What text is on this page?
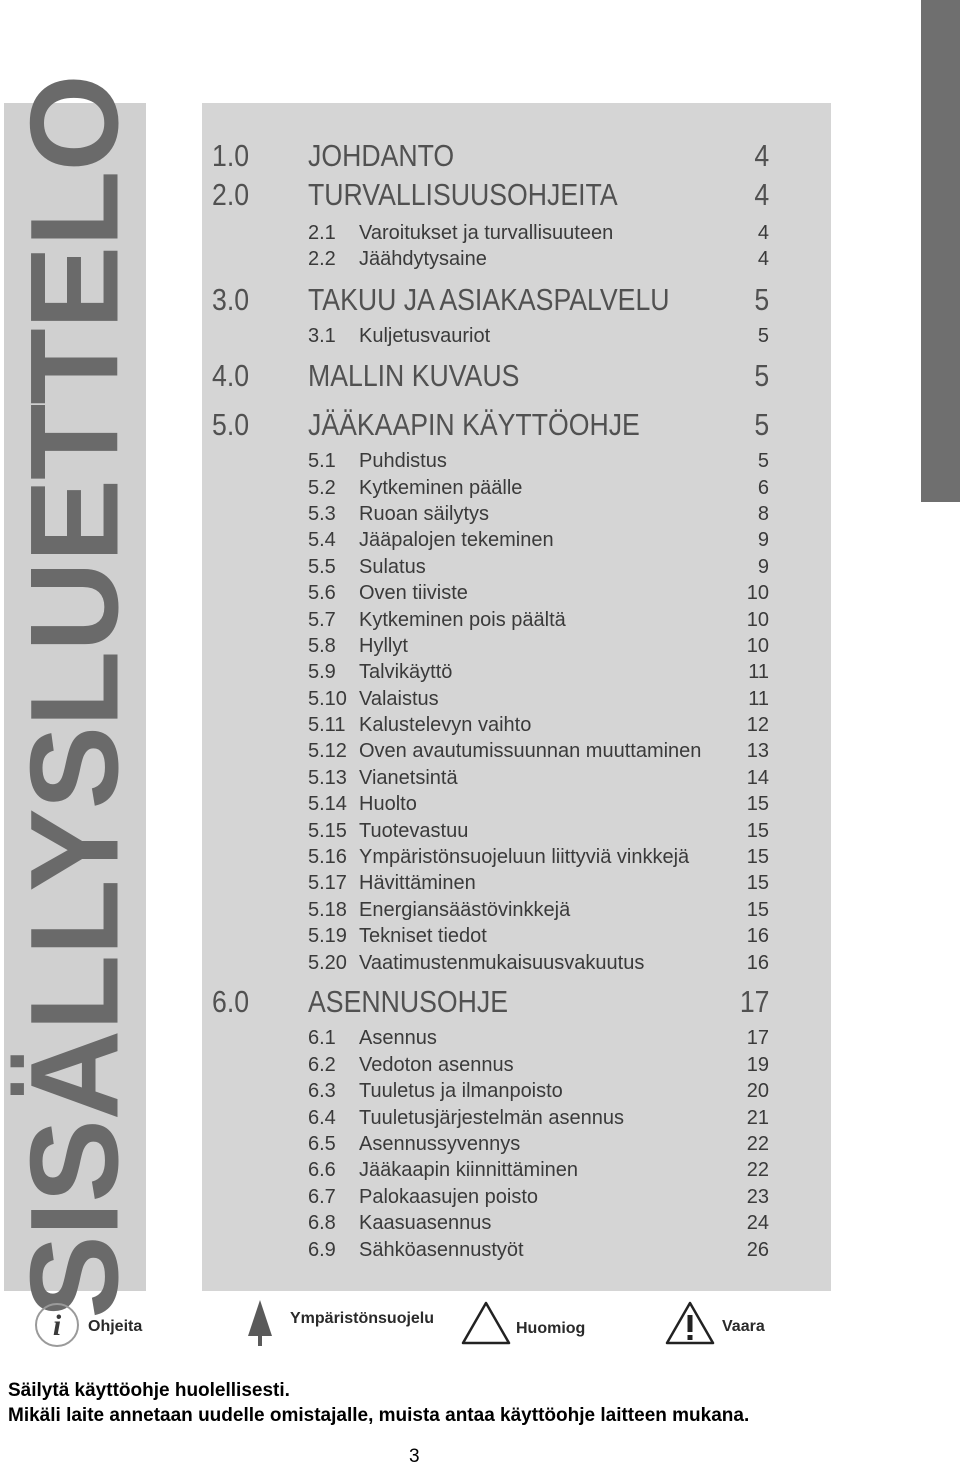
SISÄLLYSLUETTELO 1.0 JOHDANTO	4
2.0 TURVALLISUUSOHJEITA	4
2.1 Varoitukset ja turvallisuuteen	4
2.2 Jäähdytysaine	4
3.0 TAKUU JA ASIAKASPALVELU	5
3.1 Kuljetusvauriot	5
4.0 MALLIN KUVAUS	5
5.0 JÄÄKAAPIN KÄYTTÖOHJE	5
5.1 Puhdistus	5
5.2 Kytkeminen päälle	6
5.3 Ruoan säilytys	8
5.4 Jääpalojen tekeminen	9
5.5 Sulatus	9
5.6 Oven tiiviste	10
5.7 Kytkeminen pois päältä	10
5.8 Hyllyt	10
5.9 Talvikäyttö	11
5.10 Valaistus	11
5.11 Kalustelevyn vaihto	12
5.12 Oven avautumissuunnan muuttaminen 13
5.13 Vianetsintä	14
5.14 Huolto	15
5.15 Tuotevastuu	15
5.16 Ympäristönsuojeluun liittyviä vinkkejä	15
5.17 Hävittäminen	15
5.18 Energiansäästövinkkejä	15
5.19 Tekniset tiedot	16
5.20 Vaatimustenmukaisuusvakuutus	16
6.0 ASENNUSOHJE	17
6.1 Asennus	17
6.2 Vedoton asennus	19
6.3 Tuuletus ja ilmanpoisto	20
6.4 Tuuletusjärjestelmän asennus	21
6.5 Asennussyvennys	22
6.6 Jääkaapin kiinnittäminen	22
6.7 Palokaasujen poisto	23
6.8 Kaasuasennus	24
6.9 Sähköasennustyöt	26
i Ohjeita	Ympäristönsuojelu
Huomiog	Vaara
Säilytä käyttöohje huolellisesti.
Mikäli laite annetaan uudelle omistajalle, muista antaa käyttöohje laitteen mukana.
3
